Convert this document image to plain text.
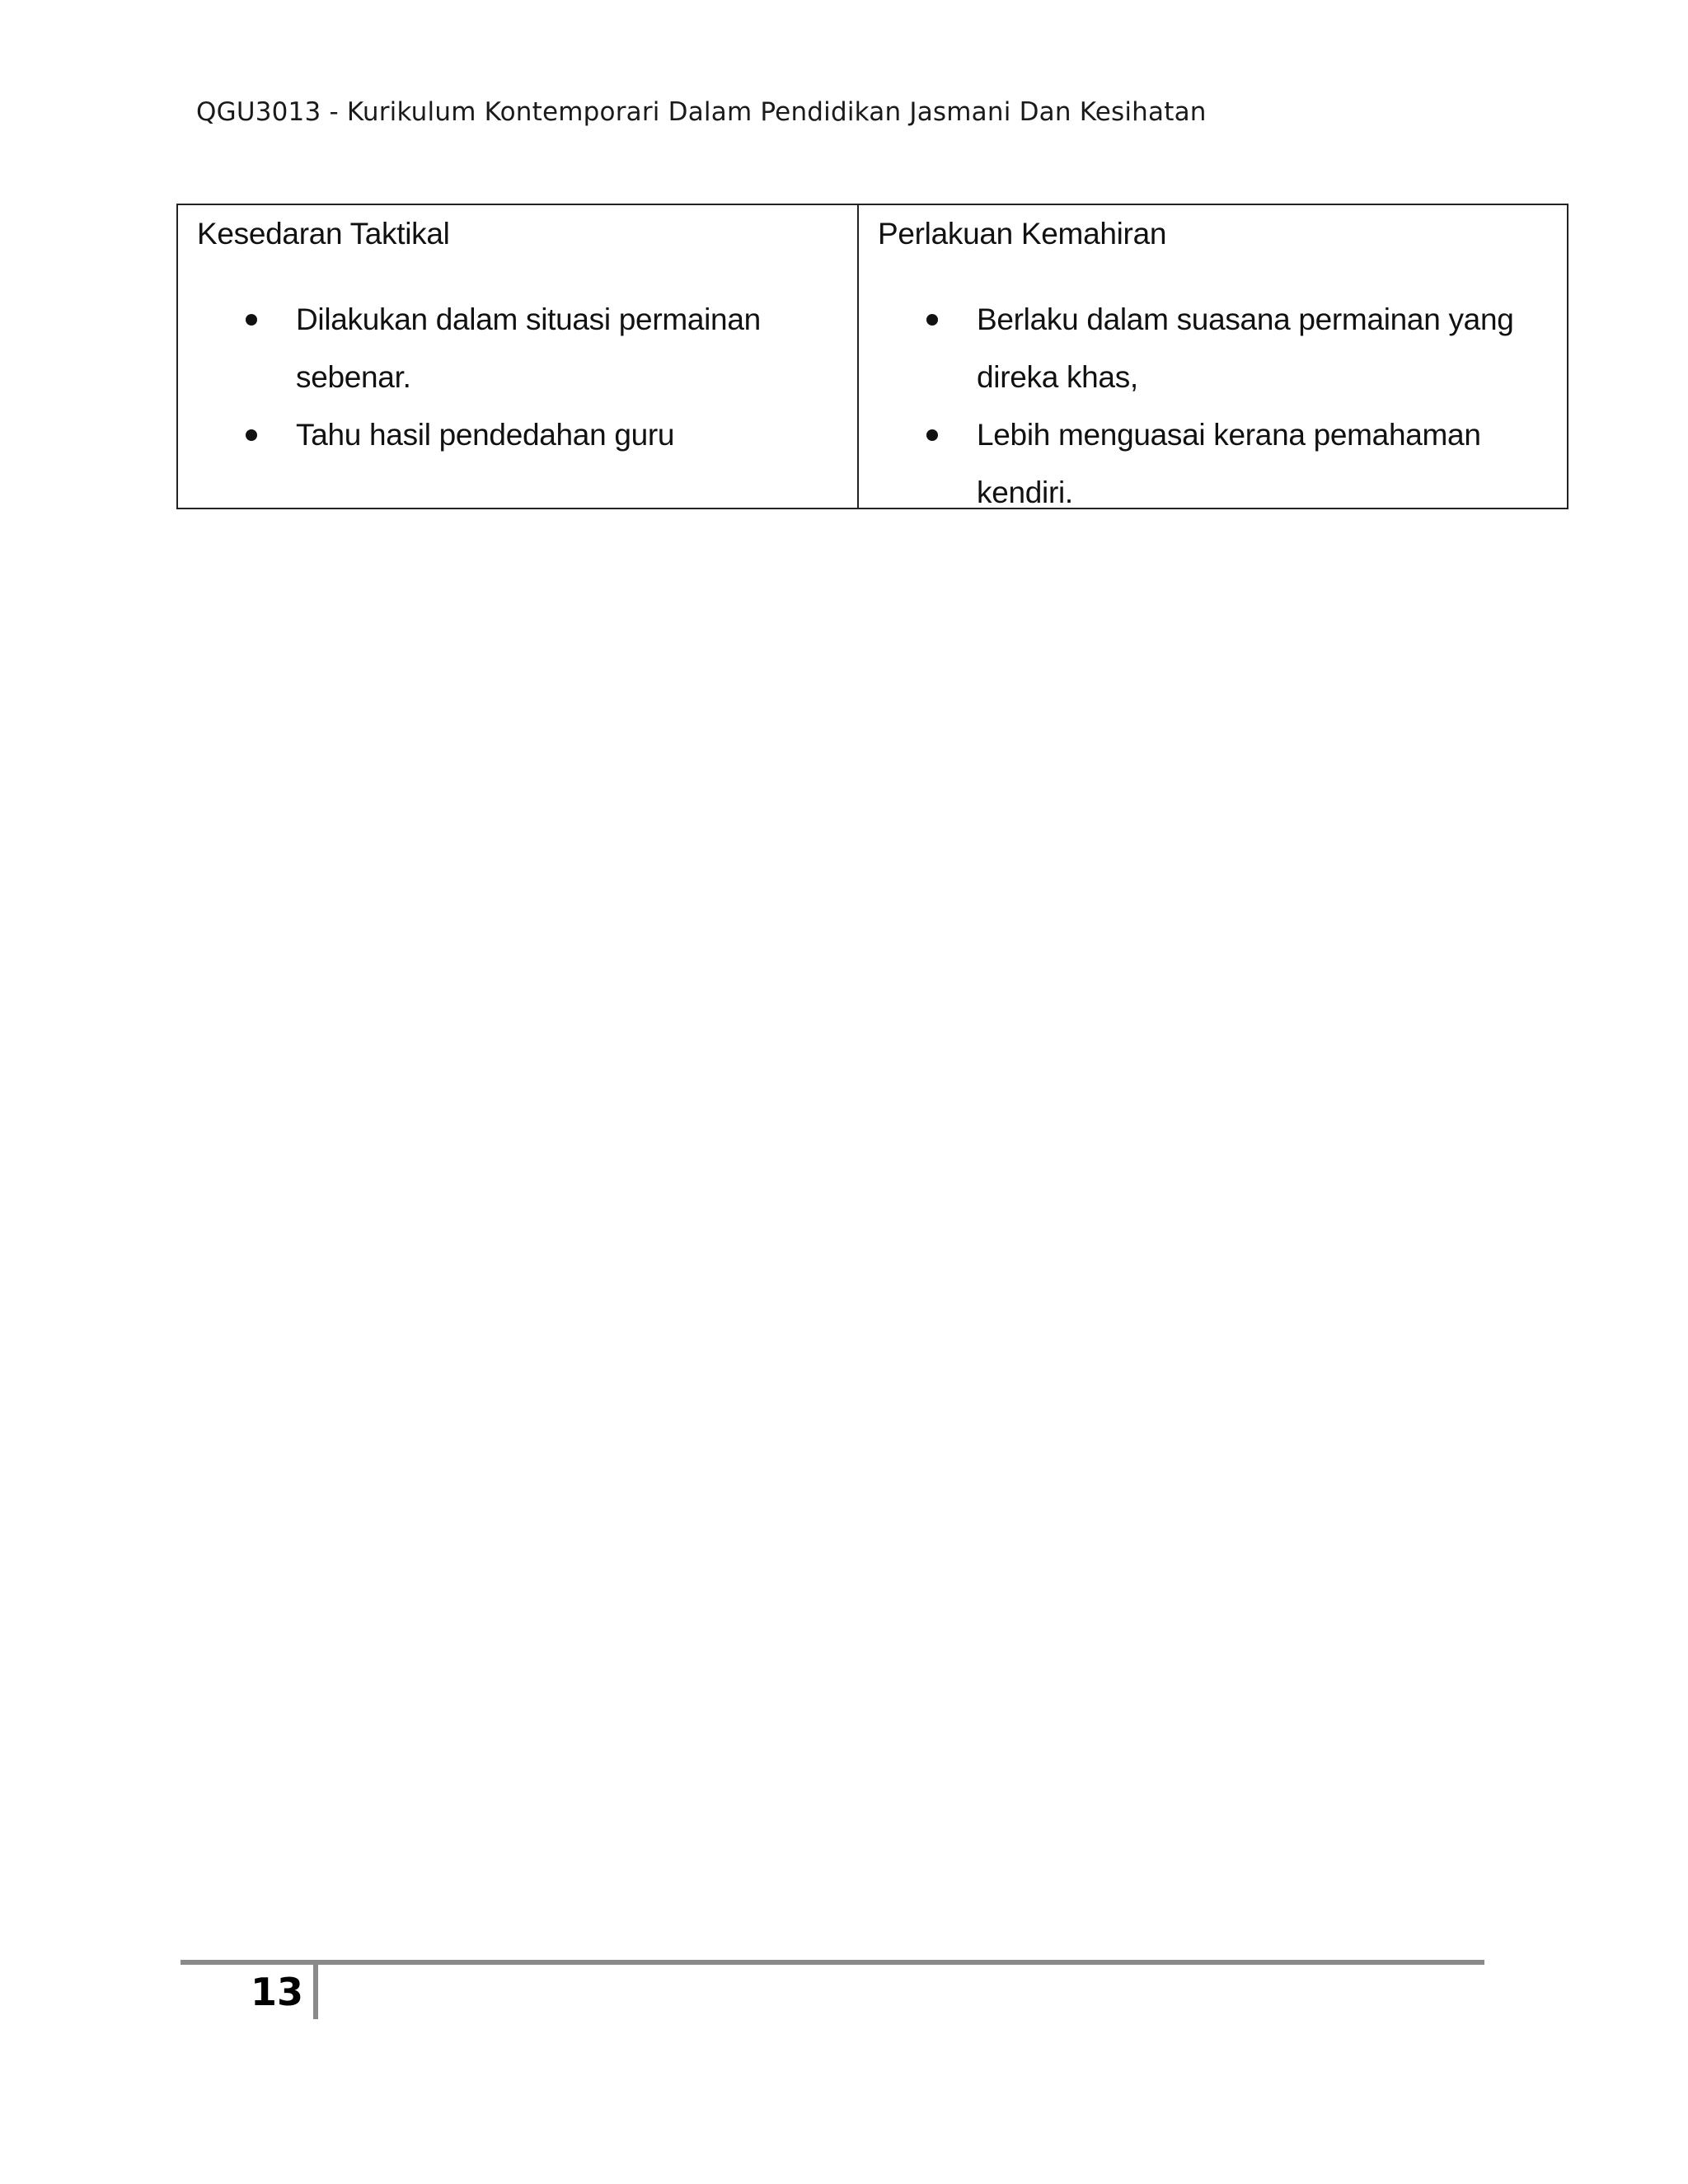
QGU3013 - Kurikulum Kontemporari Dalam Pendidikan Jasmani Dan Kesihatan
Kesedaran Taktikal
Dilakukan dalam situasi permainan sebenar.
Tahu hasil pendedahan guru
Perlakuan Kemahiran
Berlaku dalam suasana permainan yang direka khas,
Lebih menguasai kerana pemahaman kendiri.
13
